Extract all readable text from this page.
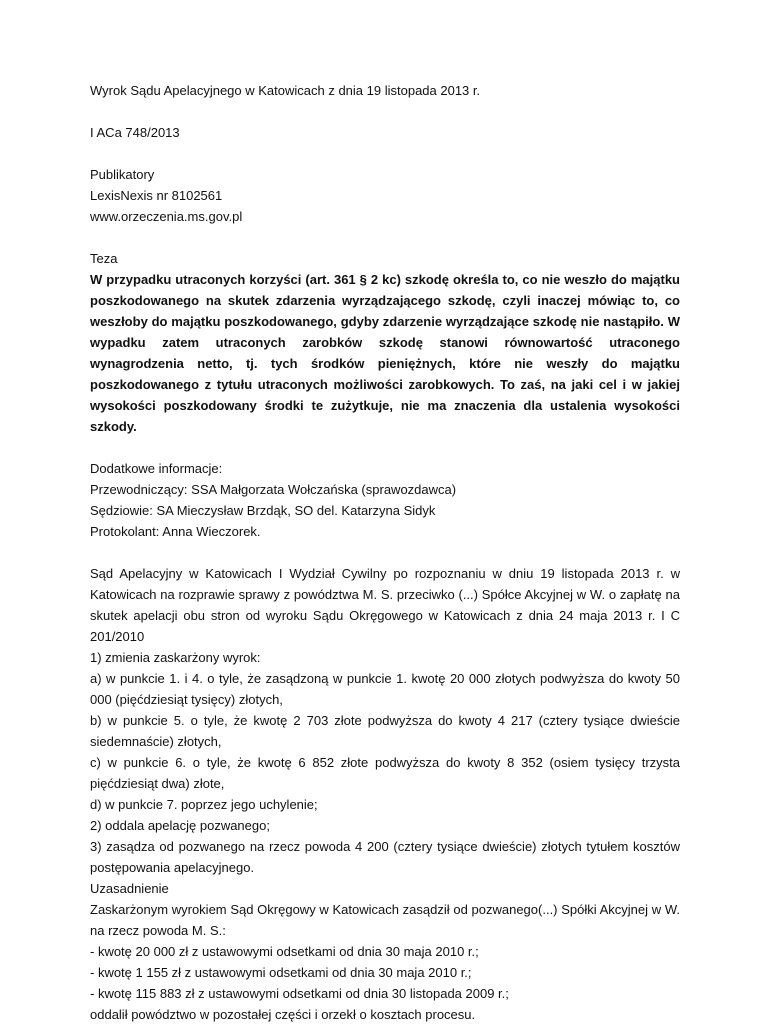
Wyrok Sądu Apelacyjnego w Katowicach z dnia 19 listopada 2013 r.

I ACa 748/2013

Publikatory
LexisNexis nr 8102561
www.orzeczenia.ms.gov.pl
Teza

W przypadku utraconych korzyści (art. 361 § 2 kc) szkodę określa to, co nie weszło do majątku poszkodowanego na skutek zdarzenia wyrządzającego szkodę, czyli inaczej mówiąc to, co weszłoby do majątku poszkodowanego, gdyby zdarzenie wyrządzające szkodę nie nastąpiło. W wypadku zatem utraconych zarobków szkodę stanowi równowartość utraconego wynagrodzenia netto, tj. tych środków pieniężnych, które nie weszły do majątku poszkodowanego z tytułu utraconych możliwości zarobkowych. To zaś, na jaki cel i w jakiej wysokości poszkodowany środki te zużytkuje, nie ma znaczenia dla ustalenia wysokości szkody.

Dodatkowe informacje:
Przewodniczący: SSA Małgorzata Wołczańska (sprawozdawca)
Sędziowie: SA Mieczysław Brzdąk, SO del. Katarzyna Sidyk
Protokolant: Anna Wieczorek.

Sąd Apelacyjny w Katowicach I Wydział Cywilny po rozpoznaniu w dniu 19 listopada 2013 r. w Katowicach na rozprawie sprawy z powództwa M. S. przeciwko (...) Spółce Akcyjnej w W. o zapłatę na skutek apelacji obu stron od wyroku Sądu Okręgowego w Katowicach z dnia 24 maja 2013 r. I C 201/2010

1) zmienia zaskarżony wyrok:

a) w punkcie 1. i 4. o tyle, że zasądzoną w punkcie 1. kwotę 20 000 złotych podwyższa do kwoty 50 000 (pięćdziesiąt tysięcy) złotych,

b) w punkcie 5. o tyle, że kwotę 2 703 złote podwyższa do kwoty 4 217 (cztery tysiące dwieście siedemnaście) złotych,

c) w punkcie 6. o tyle, że kwotę 6 852 złote podwyższa do kwoty 8 352 (osiem tysięcy trzysta pięćdziesiąt dwa) złote,

d) w punkcie 7. poprzez jego uchylenie;

2) oddala apelację pozwanego;

3) zasądza od pozwanego na rzecz powoda 4 200 (cztery tysiące dwieście) złotych tytułem kosztów postępowania apelacyjnego.

Uzasadnienie

Zaskarżonym wyrokiem Sąd Okręgowy w Katowicach zasądził od pozwanego(...) Spółki Akcyjnej w W. na rzecz powoda M. S.:

- kwotę 20 000 zł z ustawowymi odsetkami od dnia 30 maja 2010 r.;
- kwotę 1 155 zł z ustawowymi odsetkami od dnia 30 maja 2010 r.;
- kwotę 115 883 zł z ustawowymi odsetkami od dnia 30 listopada 2009 r.;
oddalił powództwo w pozostałej części i orzekł o kosztach procesu.
